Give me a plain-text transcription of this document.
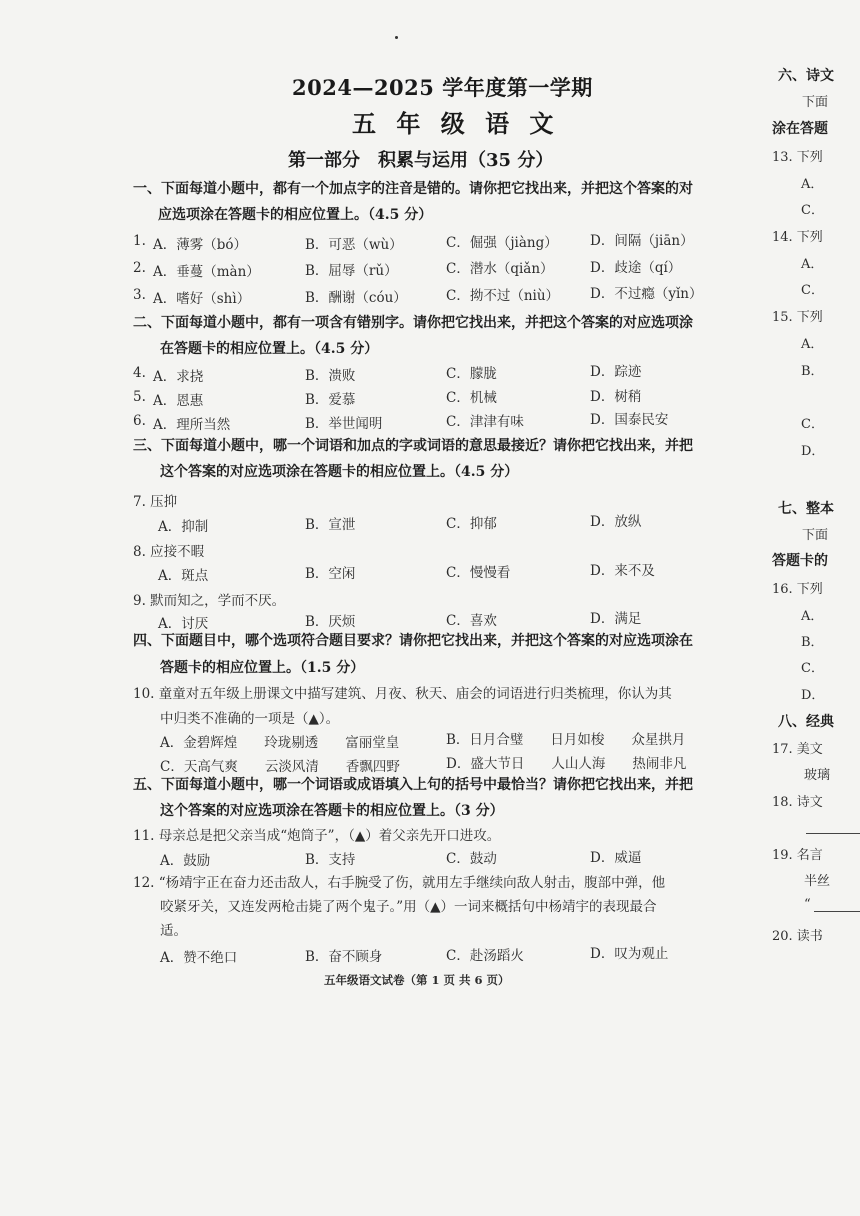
2024—2025 学年度第一学期
五 年 级 语 文
第一部分　积累与运用（35 分）
一、下面每道小题中，都有一个加点字的注音是错的。请你把它找出来，并把这个答案的对
应选项涂在答题卡的相应位置上。（4.5 分）
1. A．薄雾（bó）	B．可恶（wù）	C．倔强（jiàng） D．间隔（jiān）
2. A．垂蔓（màn）	B．屈辱（rǔ）	C．潜水（qiǎn）	D．歧途（qí）
3. A．嗜好（shì）	B．酬谢（cóu）	C．拗不过（niù） D．不过瘾（yǐn）
二、下面每道小题中，都有一项含有错别字。请你把它找出来，并把这个答案的对应选项涂
在答题卡的相应位置上。（4.5 分）
4. A．求挠	B．溃败	C．朦胧	D．踪迹
5. A．恩惠	B．爱慕	C．机械	D．树稍
6. A．理所当然	B．举世闻明	C．津津有味	D．国泰民安
三、下面每道小题中，哪一个词语和加点的字或词语的意思最接近？请你把它找出来，并把
这个答案的对应选项涂在答题卡的相应位置上。（4.5 分）
7. 压抑
A．抑制	B．宣泄	C．抑郁	D．放纵
8. 应接不暇
A．斑点	B．空闲	C．慢慢看	D．来不及
9. 默而知之，学而不厌。
A．讨厌	B．厌烦	C．喜欢	D．满足
四、下面题目中，哪个选项符合题目要求？请你把它找出来，并把这个答案的对应选项涂在
答题卡的相应位置上。（1.5 分）
10. 童童对五年级上册课文中描写建筑、月夜、秋天、庙会的词语进行归类梳理，你认为其
中归类不准确的一项是（▲）。
A．金碧辉煌　　玲珑剔透　　富丽堂皇	B．日月合璧　　日月如梭　　众星拱月
C．天高气爽　　云淡风清　　香飘四野	D．盛大节日　　人山人海　　热闹非凡
五、下面每道小题中，哪一个词语或成语填入上句的括号中最恰当？请你把它找出来，并把
这个答案的对应选项涂在答题卡的相应位置上。（3 分）
11. 母亲总是把父亲当成“炮筒子”，（▲）着父亲先开口进攻。
A．鼓励	B．支持	C．鼓动	D．威逼
12. “杨靖宇正在奋力还击敌人，右手腕受了伤，就用左手继续向敌人射击，腹部中弹，他
咬紧牙关，又连发两枪击毙了两个鬼子。”用（▲）一词来概括句中杨靖宇的表现最合
适。
A．赞不绝口	B．奋不顾身	C．赴汤蹈火	D．叹为观止
五年级语文试卷（第 1 页 共 6 页）
六、诗文
下面
涂在答题
13. 下列
A．
C．
14. 下列
A．
C．
15. 下列
A．
B．
C．
D．
七、整本
下面
答题卡的
16. 下列
A．
B．
C．
D．
八、经典
17. 美文
玻璃
18. 诗文
19. 名言
半丝
“
20. 读书
